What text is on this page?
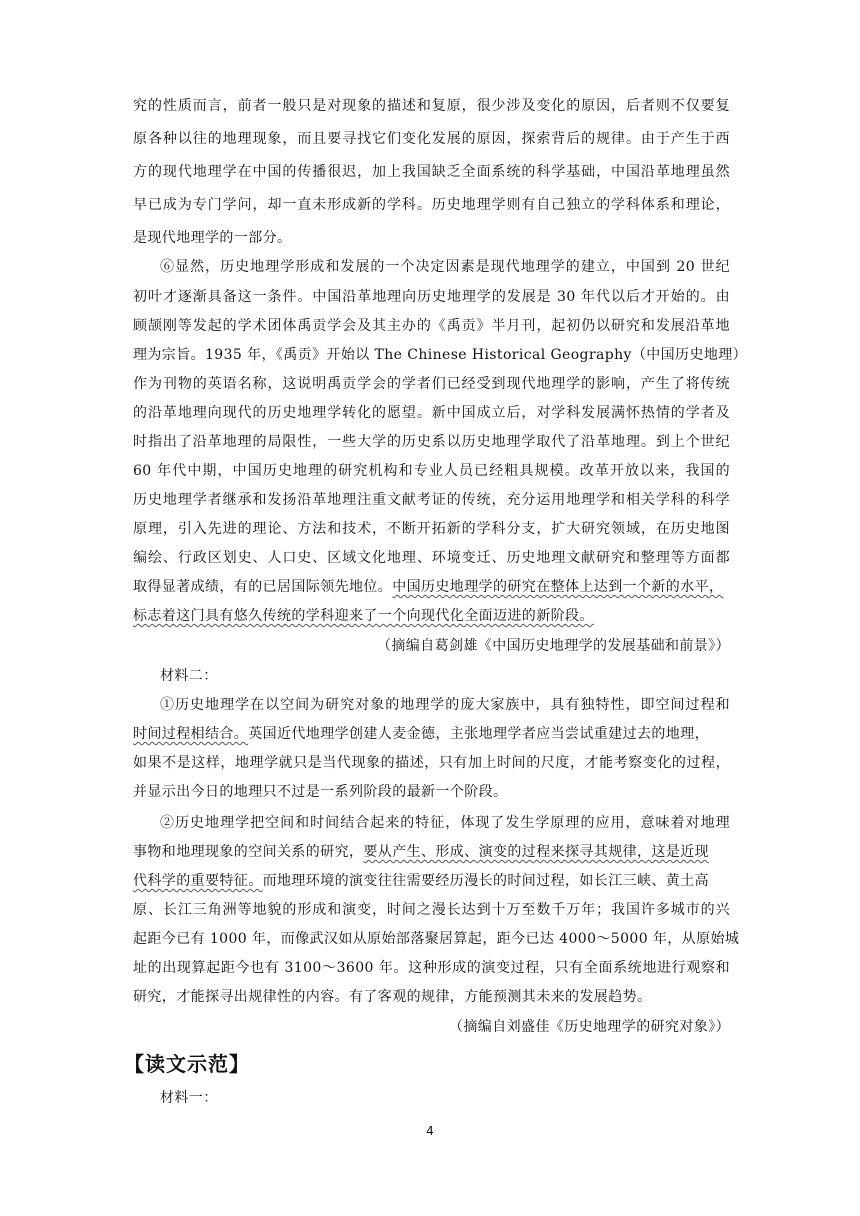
究的性质而言，前者一般只是对现象的描述和复原，很少涉及变化的原因，后者则不仅要复
原各种以往的地理现象，而且要寻找它们变化发展的原因，探索背后的规律。由于产生于西
方的现代地理学在中国的传播很迟，加上我国缺乏全面系统的科学基础，中国沿革地理虽然
早已成为专门学问，却一直未形成新的学科。历史地理学则有自己独立的学科体系和理论，
是现代地理学的一部分。
⑥显然，历史地理学形成和发展的一个决定因素是现代地理学的建立，中国到 20 世纪
初叶才逐渐具备这一条件。中国沿革地理向历史地理学的发展是 30 年代以后才开始的。由
顾颉刚等发起的学术团体禹贡学会及其主办的《禹贡》半月刊，起初仍以研究和发展沿革地
理为宗旨。1935 年，《禹贡》开始以 The Chinese Historical Geography（中国历史地理）
作为刊物的英语名称，这说明禹贡学会的学者们已经受到现代地理学的影响，产生了将传统
的沿革地理向现代的历史地理学转化的愿望。新中国成立后，对学科发展满怀热情的学者及
时指出了沿革地理的局限性，一些大学的历史系以历史地理学取代了沿革地理。到上个世纪
60 年代中期，中国历史地理的研究机构和专业人员已经粗具规模。改革开放以来，我国的
历史地理学者继承和发扬沿革地理注重文献考证的传统，充分运用地理学和相关学科的科学
原理，引入先进的理论、方法和技术，不断开拓新的学科分支，扩大研究领域，在历史地图
编绘、行政区划史、人口史、区域文化地理、环境变迁、历史地理文献研究和整理等方面都
取得显著成绩，有的已居国际领先地位。中国历史地理学的研究在整体上达到一个新的水平，
标志着这门具有悠久传统的学科迎来了一个向现代化全面迈进的新阶段。
（摘编自葛剑雄《中国历史地理学的发展基础和前景》）
材料二：
①历史地理学在以空间为研究对象的地理学的庞大家族中，具有独特性，即空间过程和
时间过程相结合。英国近代地理学创建人麦金德，主张地理学者应当尝试重建过去的地理，
如果不是这样，地理学就只是当代现象的描述，只有加上时间的尺度，才能考察变化的过程，
并显示出今日的地理只不过是一系列阶段的最新一个阶段。
②历史地理学把空间和时间结合起来的特征，体现了发生学原理的应用，意味着对地理
事物和地理现象的空间关系的研究，要从产生、形成、演变的过程来探寻其规律，这是近现
代科学的重要特征。而地理环境的演变往往需要经历漫长的时间过程，如长江三峡、黄土高
原、长江三角洲等地貌的形成和演变，时间之漫长达到十万至数千万年；我国许多城市的兴
起距今已有 1000 年，而像武汉如从原始部落聚居算起，距今已达 4000～5000 年，从原始城
址的出现算起距今也有 3100～3600 年。这种形成的演变过程，只有全面系统地进行观察和
研究，才能探寻出规律性的内容。有了客观的规律，方能预测其未来的发展趋势。
（摘编自刘盛佳《历史地理学的研究对象》）
【读文示范】
材料一：
4
